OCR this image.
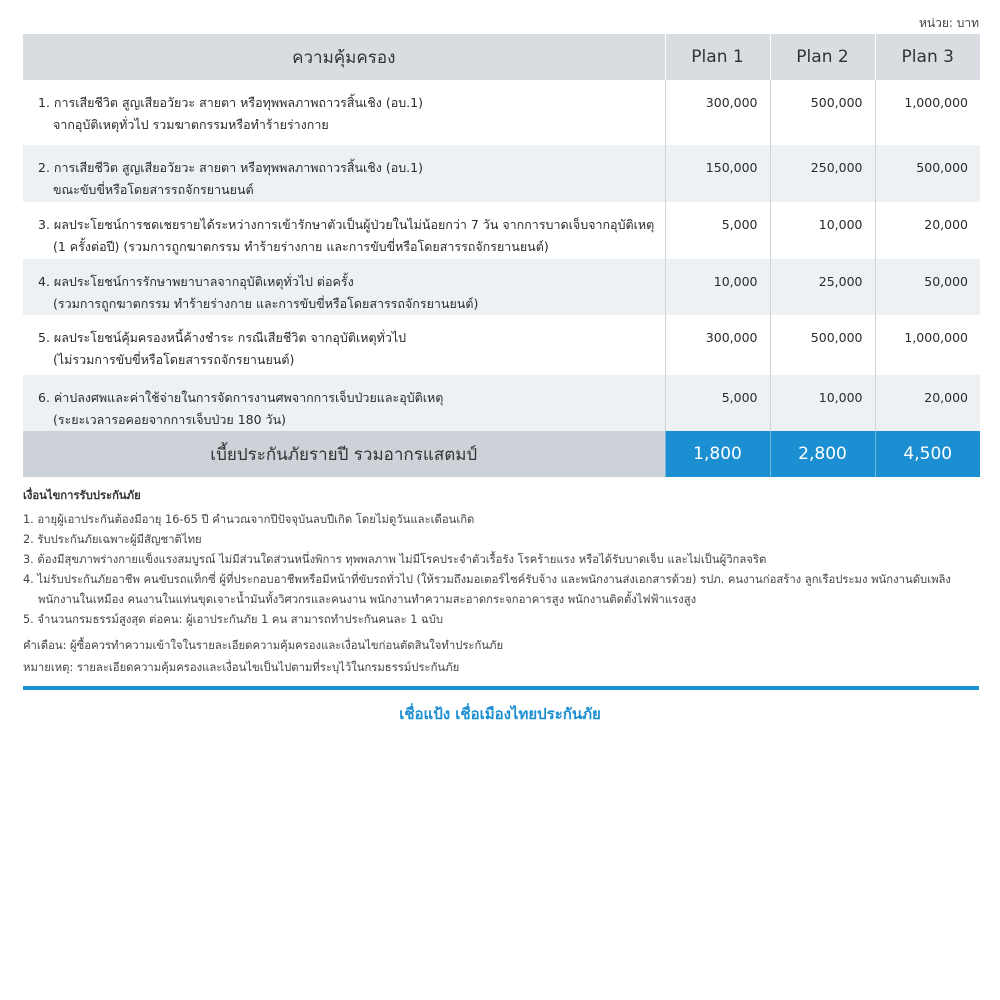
หน่วย: บาท
ความคุ้มครอง	Plan 1	Plan 2	Plan 3

1. การเสียชีวิต สูญเสียอวัยวะ สายตา หรือทุพพลภาพถาวรสิ้นเชิง (อบ.1)
จากอุบัติเหตุทั่วไป รวมฆาตกรรมหรือทำร้ายร่างกาย	300,000	500,000	1,000,000

2. การเสียชีวิต สูญเสียอวัยวะ สายตา หรือทุพพลภาพถาวรสิ้นเชิง (อบ.1)
ขณะขับขี่หรือโดยสารรถจักรยานยนต์	150,000	250,000	500,000

3. ผลประโยชน์การชดเชยรายได้ระหว่างการเข้ารักษาตัวเป็นผู้ป่วยในไม่น้อยกว่า 7 วัน จากการบาดเจ็บจากอุบัติเหตุ
(1 ครั้งต่อปี) (รวมการถูกฆาตกรรม ทำร้ายร่างกาย และการขับขี่หรือโดยสารรถจักรยานยนต์)	5,000	10,000	20,000

4. ผลประโยชน์การรักษาพยาบาลจากอุบัติเหตุทั่วไป ต่อครั้ง
(รวมการถูกฆาตกรรม ทำร้ายร่างกาย และการขับขี่หรือโดยสารรถจักรยานยนต์)	10,000	25,000	50,000

5. ผลประโยชน์คุ้มครองหนี้ค้างชำระ กรณีเสียชีวิต จากอุบัติเหตุทั่วไป
(ไม่รวมการขับขี่หรือโดยสารรถจักรยานยนต์)	300,000	500,000	1,000,000

6. ค่าปลงศพและค่าใช้จ่ายในการจัดการงานศพจากการเจ็บป่วยและอุบัติเหตุ
(ระยะเวลารอคอยจากการเจ็บป่วย 180 วัน)	5,000	10,000	20,000
เบี้ยประกันภัยรายปี รวมอากรแสตมป์	1,800	2,800	4,500
เงื่อนไขการรับประกันภัย
1. อายุผู้เอาประกันต้องมีอายุ 16-65 ปี คำนวณจากปีปัจจุบันลบปีเกิด โดยไม่ดูวันและเดือนเกิด
2. รับประกันภัยเฉพาะผู้มีสัญชาติไทย
3. ต้องมีสุขภาพร่างกายแข็งแรงสมบูรณ์ ไม่มีส่วนใดส่วนหนึ่งพิการ ทุพพลภาพ ไม่มีโรคประจำตัวเรื้อรัง โรคร้ายแรง หรือได้รับบาดเจ็บ และไม่เป็นผู้วิกลจริต
4. ไม่รับประกันภัยอาชีพ คนขับรถแท็กซี่ ผู้ที่ประกอบอาชีพหรือมีหน้าที่ขับรถทั่วไป (ให้รวมถึงมอเตอร์ไซค์รับจ้าง และพนักงานส่งเอกสารด้วย) รปภ. คนงานก่อสร้าง ลูกเรือประมง พนักงานดับเพลิง
พนักงานในเหมือง คนงานในแท่นขุดเจาะน้ำมันทั้งวิศวกรและคนงาน พนักงานทำความสะอาดกระจกอาคารสูง พนักงานติดตั้งไฟฟ้าแรงสูง
5. จำนวนกรมธรรม์สูงสุด ต่อคน: ผู้เอาประกันภัย 1 คน สามารถทำประกันคนละ 1 ฉบับ
คำเตือน: ผู้ซื้อควรทำความเข้าใจในรายละเอียดความคุ้มครองและเงื่อนไขก่อนตัดสินใจทำประกันภัย
หมายเหตุ: รายละเอียดความคุ้มครองและเงื่อนไขเป็นไปตามที่ระบุไว้ในกรมธรรม์ประกันภัย
เชื่อแป้ง เชื่อเมืองไทยประกันภัย
